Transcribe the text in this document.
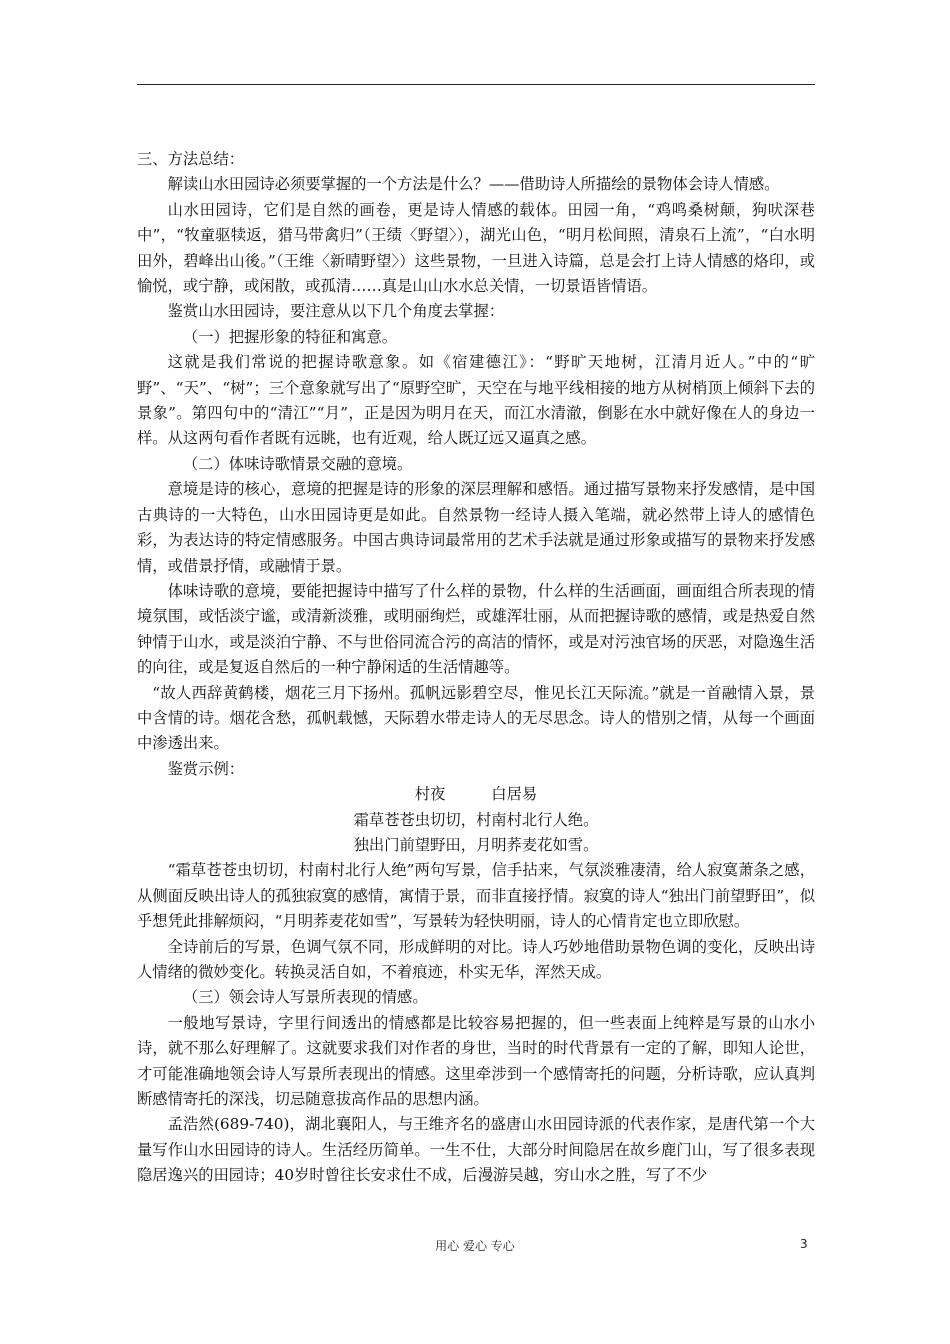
三、方法总结：

解读山水田园诗必须要掌握的一个方法是什么？——借助诗人所描绘的景物体会诗人情感。

山水田园诗，它们是自然的画卷，更是诗人情感的载体。田园一角，“鸡鸣桑树颠，狗吠深巷中”，“牧童驱犊返，猎马带禽归”（王绩〈野望〉），湖光山色，“明月松间照，清泉石上流”，“白水明田外，碧峰出山後。”（王维〈新晴野望〉）这些景物，一旦进入诗篇，总是会打上诗人情感的烙印，或愉悦，或宁静，或闲散，或孤清……真是山山水水总关情，一切景语皆情语。

鉴赏山水田园诗，要注意从以下几个角度去掌握：

（一）把握形象的特征和寓意。

这就是我们常说的把握诗歌意象。如《宿建德江》：“野旷天地树，江清月近人。”中的“旷野”、“天”、“树”；三个意象就写出了“原野空旷，天空在与地平线相接的地方从树梢顶上倾斜下去的景象”。第四句中的“清江”“月”，正是因为明月在天，而江水清澈，倒影在水中就好像在人的身边一样。从这两句看作者既有远眺，也有近观，给人既辽远又逼真之感。

（二）体味诗歌情景交融的意境。

意境是诗的核心，意境的把握是诗的形象的深层理解和感悟。通过描写景物来抒发感情，是中国古典诗的一大特色，山水田园诗更是如此。自然景物一经诗人摄入笔端，就必然带上诗人的感情色彩，为表达诗的特定情感服务。中国古典诗词最常用的艺术手法就是通过形象或描写的景物来抒发感情，或借景抒情，或融情于景。

体味诗歌的意境，要能把握诗中描写了什么样的景物，什么样的生活画面，画面组合所表现的情境氛围，或恬淡宁谧，或清新淡雅，或明丽绚烂，或雄浑壮丽，从而把握诗歌的感情，或是热爱自然钟情于山水，或是淡泊宁静、不与世俗同流合污的高洁的情怀，或是对污浊官场的厌恶，对隐逸生活的向往，或是复返自然后的一种宁静闲适的生活情趣等。

“故人西辞黄鹤楼，烟花三月下扬州。孤帆远影碧空尽，惟见长江天际流。”就是一首融情入景，景中含情的诗。烟花含愁，孤帆载憾，天际碧水带走诗人的无尽思念。诗人的惜别之情，从每一个画面中渗透出来。

鉴赏示例：

村夜	白居易

霜草苍苍虫切切，村南村北行人绝。

独出门前望野田，月明荞麦花如雪。

“霜草苍苍虫切切，村南村北行人绝”两句写景，信手拈来，气氛淡雅凄清，给人寂寞萧条之感，从侧面反映出诗人的孤独寂寞的感情，寓情于景，而非直接抒情。寂寞的诗人“独出门前望野田”，似乎想凭此排解烦闷，“月明荞麦花如雪”，写景转为轻快明丽，诗人的心情肯定也立即欣慰。

全诗前后的写景，色调气氛不同，形成鲜明的对比。诗人巧妙地借助景物色调的变化，反映出诗人情绪的微妙变化。转换灵活自如，不着痕迹，朴实无华，浑然天成。

（三）领会诗人写景所表现的情感。

一般地写景诗，字里行间透出的情感都是比较容易把握的，但一些表面上纯粹是写景的山水小诗，就不那么好理解了。这就要求我们对作者的身世，当时的时代背景有一定的了解，即知人论世，才可能准确地领会诗人写景所表现出的情感。这里牵涉到一个感情寄托的问题，分析诗歌，应认真判断感情寄托的深浅，切忌随意拔高作品的思想内涵。

孟浩然(689-740)，湖北襄阳人，与王维齐名的盛唐山水田园诗派的代表作家，是唐代第一个大量写作山水田园诗的诗人。生活经历简单。一生不仕，大部分时间隐居在故乡鹿门山，写了很多表现隐居逸兴的田园诗；40岁时曾往长安求仕不成，后漫游吴越，穷山水之胜，写了不少

用心 爱心 专心	3
